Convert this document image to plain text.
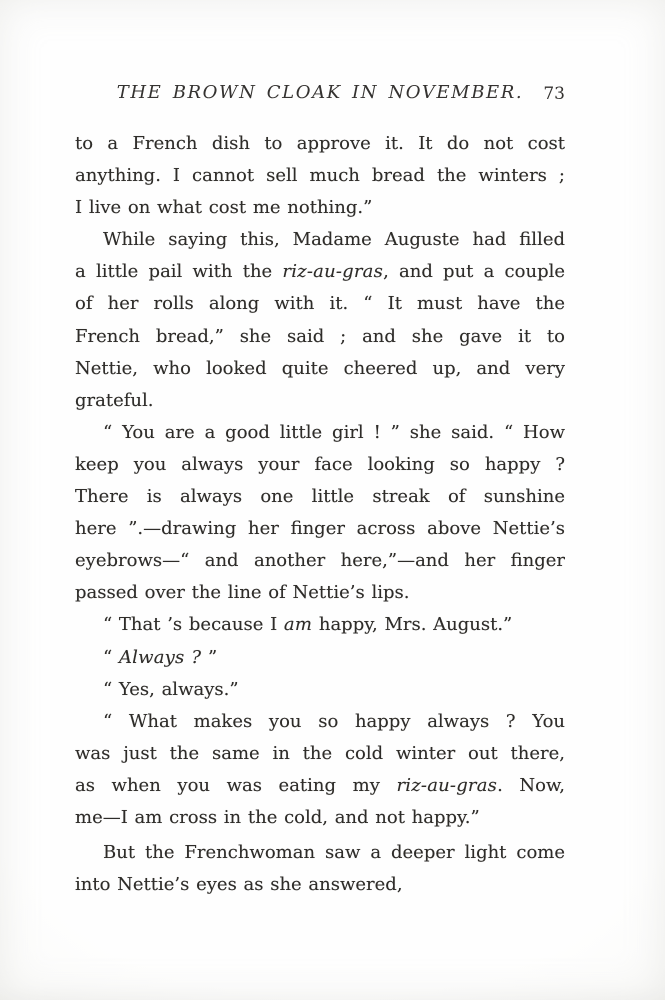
THE BROWN CLOAK IN NOVEMBER. 73
to a French dish to approve it. It do not cost
anything. I cannot sell much bread the winters ;
I live on what cost me nothing.”
While saying this, Madame Auguste had filled
a little pail with the riz-au-gras, and put a couple
of her rolls along with it. “ It must have the
French bread,” she said ; and she gave it to
Nettie, who looked quite cheered up, and very
grateful.
“ You are a good little girl ! ” she said. “ How
keep you always your face looking so happy ?
There is always one little streak of sunshine
here ”.—drawing her finger across above Nettie’s
eyebrows—“ and another here,”—and her finger
passed over the line of Nettie’s lips.
“ That ’s because I am happy, Mrs. August.”
“ Always ? ”
“ Yes, always.”
“ What makes you so happy always ? You
was just the same in the cold winter out there,
as when you was eating my riz-au-gras. Now,
me—I am cross in the cold, and not happy.”
But the Frenchwoman saw a deeper light come
into Nettie’s eyes as she answered,
